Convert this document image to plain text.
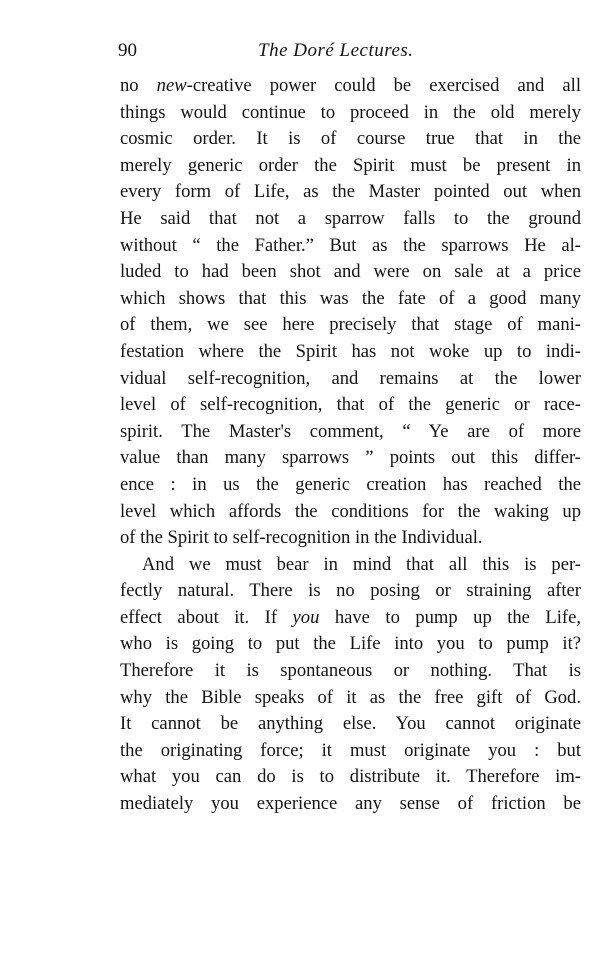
90	The Doré Lectures.
no new-creative power could be exercised and all
things would continue to proceed in the old merely
cosmic order. It is of course true that in the
merely generic order the Spirit must be present in
every form of Life, as the Master pointed out when
He said that not a sparrow falls to the ground
without “ the Father.” But as the sparrows He al-
luded to had been shot and were on sale at a price
which shows that this was the fate of a good many
of them, we see here precisely that stage of mani-
festation where the Spirit has not woke up to indi-
vidual self-recognition, and remains at the lower
level of self-recognition, that of the generic or race-
spirit. The Master's comment, “ Ye are of more
value than many sparrows ” points out this differ-
ence : in us the generic creation has reached the
level which affords the conditions for the waking up
of the Spirit to self-recognition in the Individual.
And we must bear in mind that all this is per-
fectly natural. There is no posing or straining after
effect about it. If you have to pump up the Life,
who is going to put the Life into you to pump it?
Therefore it is spontaneous or nothing. That is
why the Bible speaks of it as the free gift of God.
It cannot be anything else. You cannot originate
the originating force; it must originate you : but
what you can do is to distribute it. Therefore im-
mediately you experience any sense of friction be
